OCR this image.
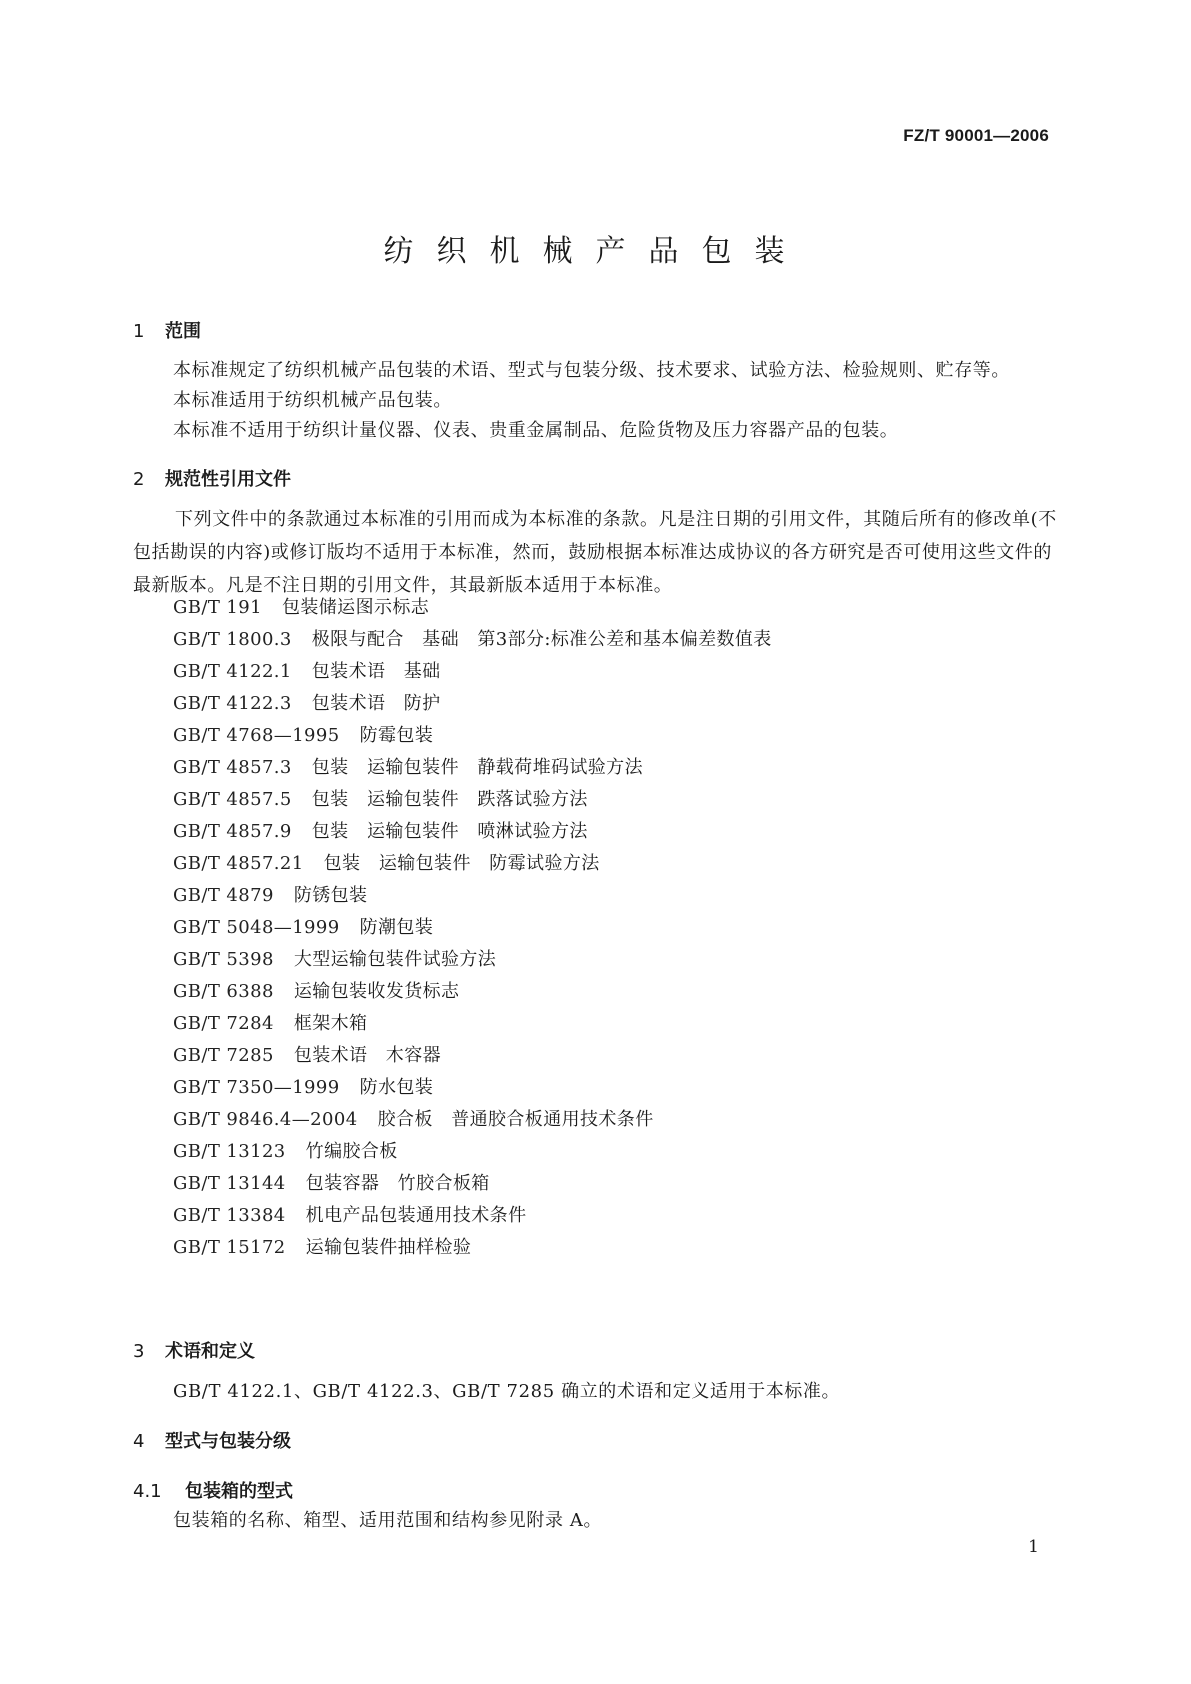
FZ/T 90001—2006
纺织机械产品包装
1 范围
本标准规定了纺织机械产品包装的术语、型式与包装分级、技术要求、试验方法、检验规则、贮存等。
本标准适用于纺织机械产品包装。
本标准不适用于纺织计量仪器、仪表、贵重金属制品、危险货物及压力容器产品的包装。
2 规范性引用文件
下列文件中的条款通过本标准的引用而成为本标准的条款。凡是注日期的引用文件，其随后所有的修改单(不包括勘误的内容)或修订版均不适用于本标准，然而，鼓励根据本标准达成协议的各方研究是否可使用这些文件的最新版本。凡是不注日期的引用文件，其最新版本适用于本标准。
GB/T 191 包装储运图示标志
GB/T 1800.3 极限与配合　基础　第3部分:标准公差和基本偏差数值表
GB/T 4122.1 包装术语　基础
GB/T 4122.3 包装术语　防护
GB/T 4768—1995 防霉包装
GB/T 4857.3 包装　运输包装件　静载荷堆码试验方法
GB/T 4857.5 包装　运输包装件　跌落试验方法
GB/T 4857.9 包装　运输包装件　喷淋试验方法
GB/T 4857.21 包装　运输包装件　防霉试验方法
GB/T 4879 防锈包装
GB/T 5048—1999 防潮包装
GB/T 5398 大型运输包装件试验方法
GB/T 6388 运输包装收发货标志
GB/T 7284 框架木箱
GB/T 7285 包装术语　木容器
GB/T 7350—1999 防水包装
GB/T 9846.4—2004 胶合板　普通胶合板通用技术条件
GB/T 13123 竹编胶合板
GB/T 13144 包装容器　竹胶合板箱
GB/T 13384 机电产品包装通用技术条件
GB/T 15172 运输包装件抽样检验
3 术语和定义
GB/T 4122.1、GB/T 4122.3、GB/T 7285 确立的术语和定义适用于本标准。
4 型式与包装分级
4.1 包装箱的型式
包装箱的名称、箱型、适用范围和结构参见附录 A。
1
